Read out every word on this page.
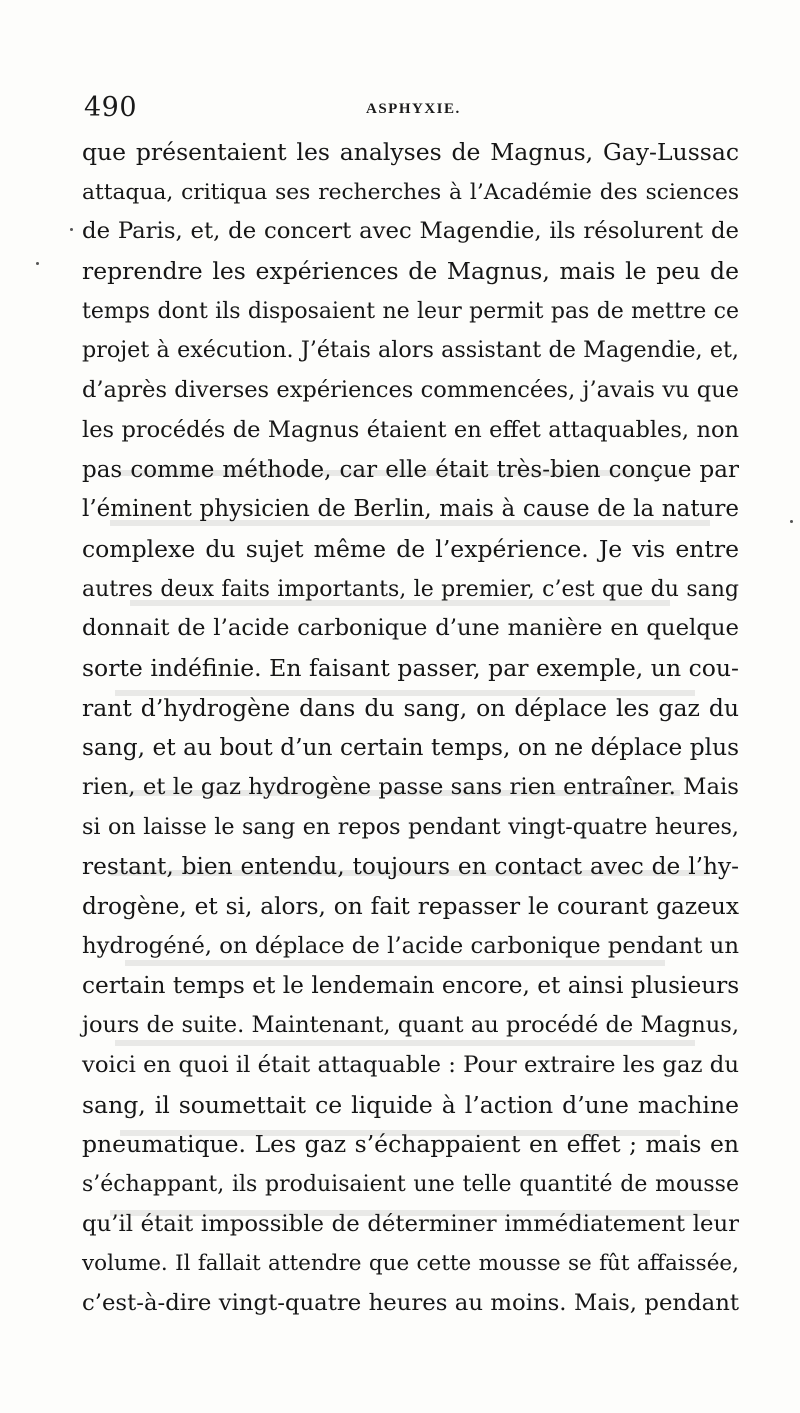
490	ASPHYXIE.
que présentaient les analyses de Magnus, Gay-Lussac
attaqua, critiqua ses recherches à l’Académie des sciences
de Paris, et, de concert avec Magendie, ils résolurent de
reprendre les expériences de Magnus, mais le peu de
temps dont ils disposaient ne leur permit pas de mettre ce
projet à exécution. J’étais alors assistant de Magendie, et,
d’après diverses expériences commencées, j’avais vu que
les procédés de Magnus étaient en effet attaquables, non
pas comme méthode, car elle était très-bien conçue par
l’éminent physicien de Berlin, mais à cause de la nature
complexe du sujet même de l’expérience. Je vis entre
autres deux faits importants, le premier, c’est que du sang
donnait de l’acide carbonique d’une manière en quelque
sorte indéfinie. En faisant passer, par exemple, un cou-
rant d’hydrogène dans du sang, on déplace les gaz du
sang, et au bout d’un certain temps, on ne déplace plus
rien, et le gaz hydrogène passe sans rien entraîner. Mais
si on laisse le sang en repos pendant vingt-quatre heures,
restant, bien entendu, toujours en contact avec de l’hy-
drogène, et si, alors, on fait repasser le courant gazeux
hydrogéné, on déplace de l’acide carbonique pendant un
certain temps et le lendemain encore, et ainsi plusieurs
jours de suite. Maintenant, quant au procédé de Magnus,
voici en quoi il était attaquable : Pour extraire les gaz du
sang, il soumettait ce liquide à l’action d’une machine
pneumatique. Les gaz s’échappaient en effet ; mais en
s’échappant, ils produisaient une telle quantité de mousse
qu’il était impossible de déterminer immédiatement leur
volume. Il fallait attendre que cette mousse se fût affaissée,
c’est-à-dire vingt-quatre heures au moins. Mais, pendant
